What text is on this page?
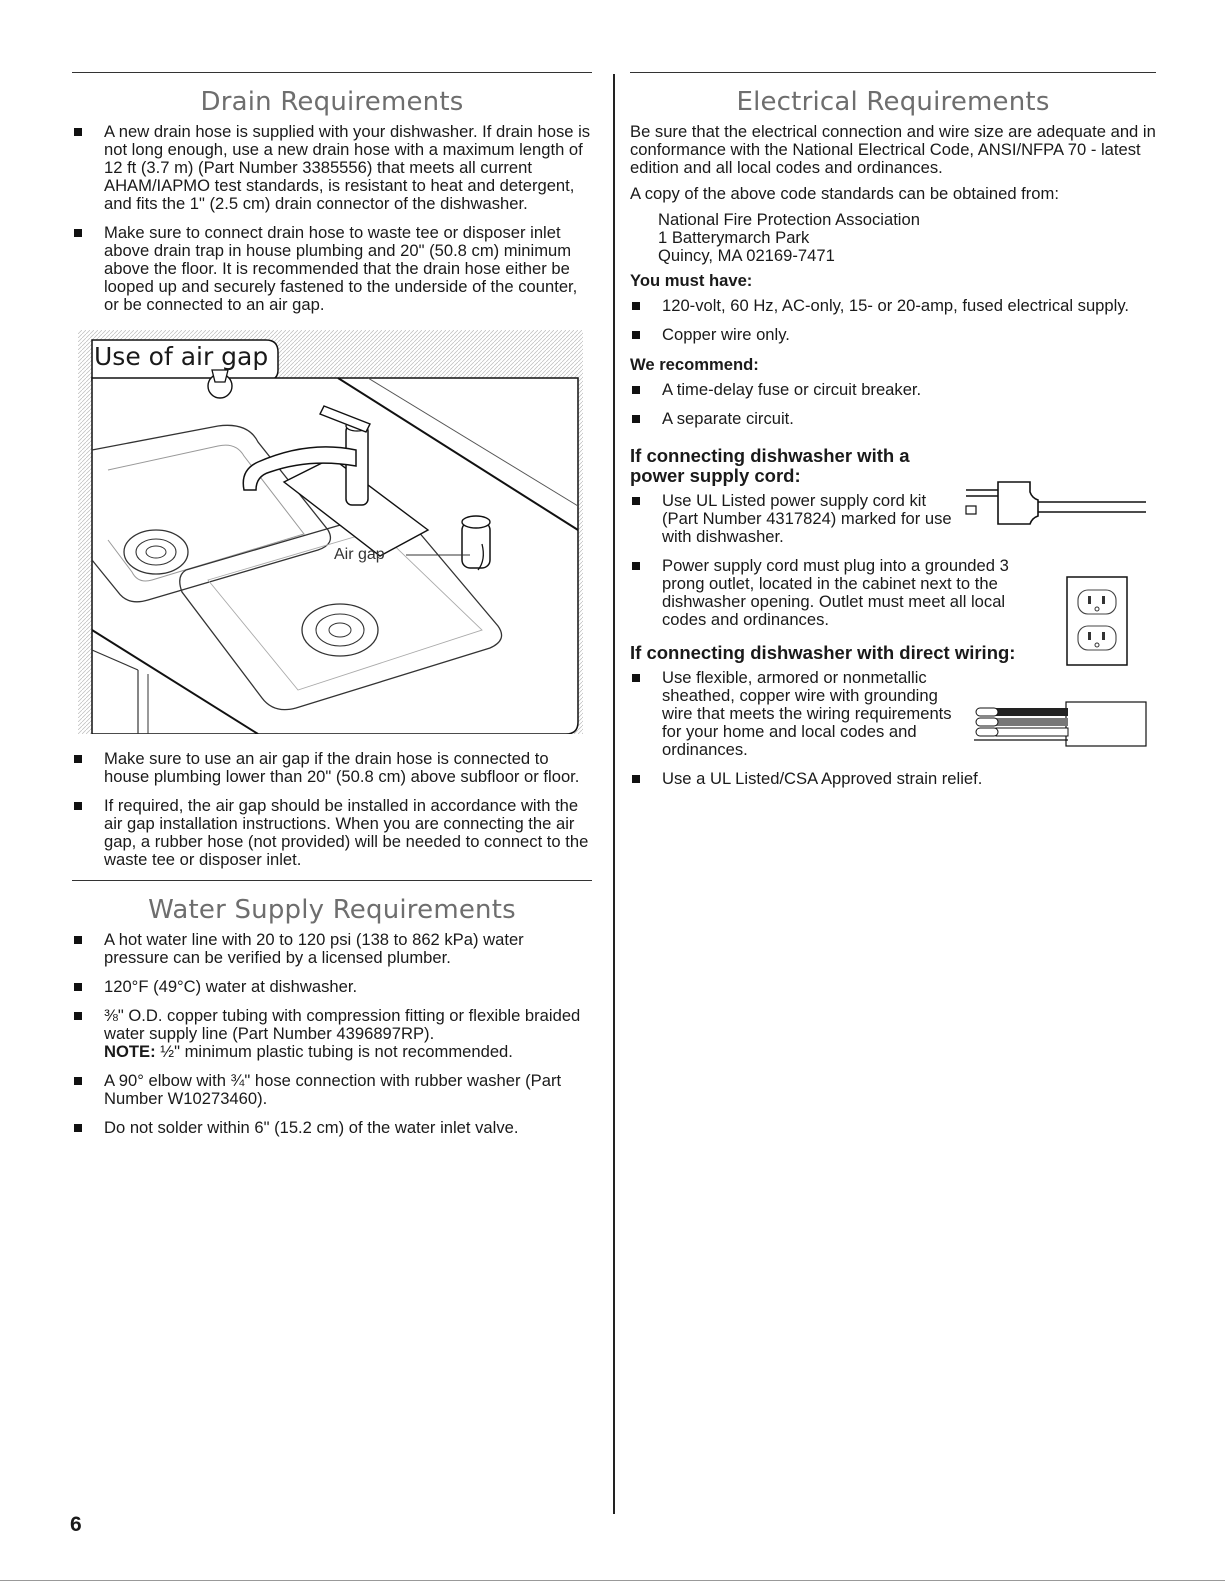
Drain Requirements
A new drain hose is supplied with your dishwasher. If drain hose is not long enough, use a new drain hose with a maximum length of 12 ft (3.7 m) (Part Number 3385556) that meets all current AHAM/IAPMO test standards, is resistant to heat and detergent, and fits the 1" (2.5 cm) drain connector of the dishwasher.
Make sure to connect drain hose to waste tee or disposer inlet above drain trap in house plumbing and 20" (50.8 cm) minimum above the floor. It is recommended that the drain hose either be looped up and securely fastened to the underside of the counter, or be connected to an air gap.
Use of air gap
Air gap
Make sure to use an air gap if the drain hose is connected to house plumbing lower than 20" (50.8 cm) above subfloor or floor.
If required, the air gap should be installed in accordance with the air gap installation instructions. When you are connecting the air gap, a rubber hose (not provided) will be needed to connect to the waste tee or disposer inlet.
Water Supply Requirements
A hot water line with 20 to 120 psi (138 to 862 kPa) water pressure can be verified by a licensed plumber.
120°F (49°C) water at dishwasher.
⅜" O.D. copper tubing with compression fitting or flexible braided water supply line (Part Number 4396897RP).
NOTE: ½" minimum plastic tubing is not recommended.
A 90° elbow with ¾" hose connection with rubber washer (Part Number W10273460).
Do not solder within 6" (15.2 cm) of the water inlet valve.
Electrical Requirements

Be sure that the electrical connection and wire size are adequate and in conformance with the National Electrical Code, ANSI/NFPA 70 - latest edition and all local codes and ordinances.

A copy of the above code standards can be obtained from:

National Fire Protection Association
1 Batterymarch Park
Quincy, MA 02169-7471
You must have:
120-volt, 60 Hz, AC-only, 15- or 20-amp, fused electrical supply.
Copper wire only.
We recommend:
A time-delay fuse or circuit breaker.
A separate circuit.
If connecting dishwasher with a power supply cord:
Use UL Listed power supply cord kit (Part Number 4317824) marked for use with dishwasher.
Power supply cord must plug into a grounded 3 prong outlet, located in the cabinet next to the dishwasher opening. Outlet must meet all local codes and ordinances.
If connecting dishwasher with direct wiring:
Use flexible, armored or nonmetallic sheathed, copper wire with grounding wire that meets the wiring requirements for your home and local codes and ordinances.
Use a UL Listed/CSA Approved strain relief.
6
